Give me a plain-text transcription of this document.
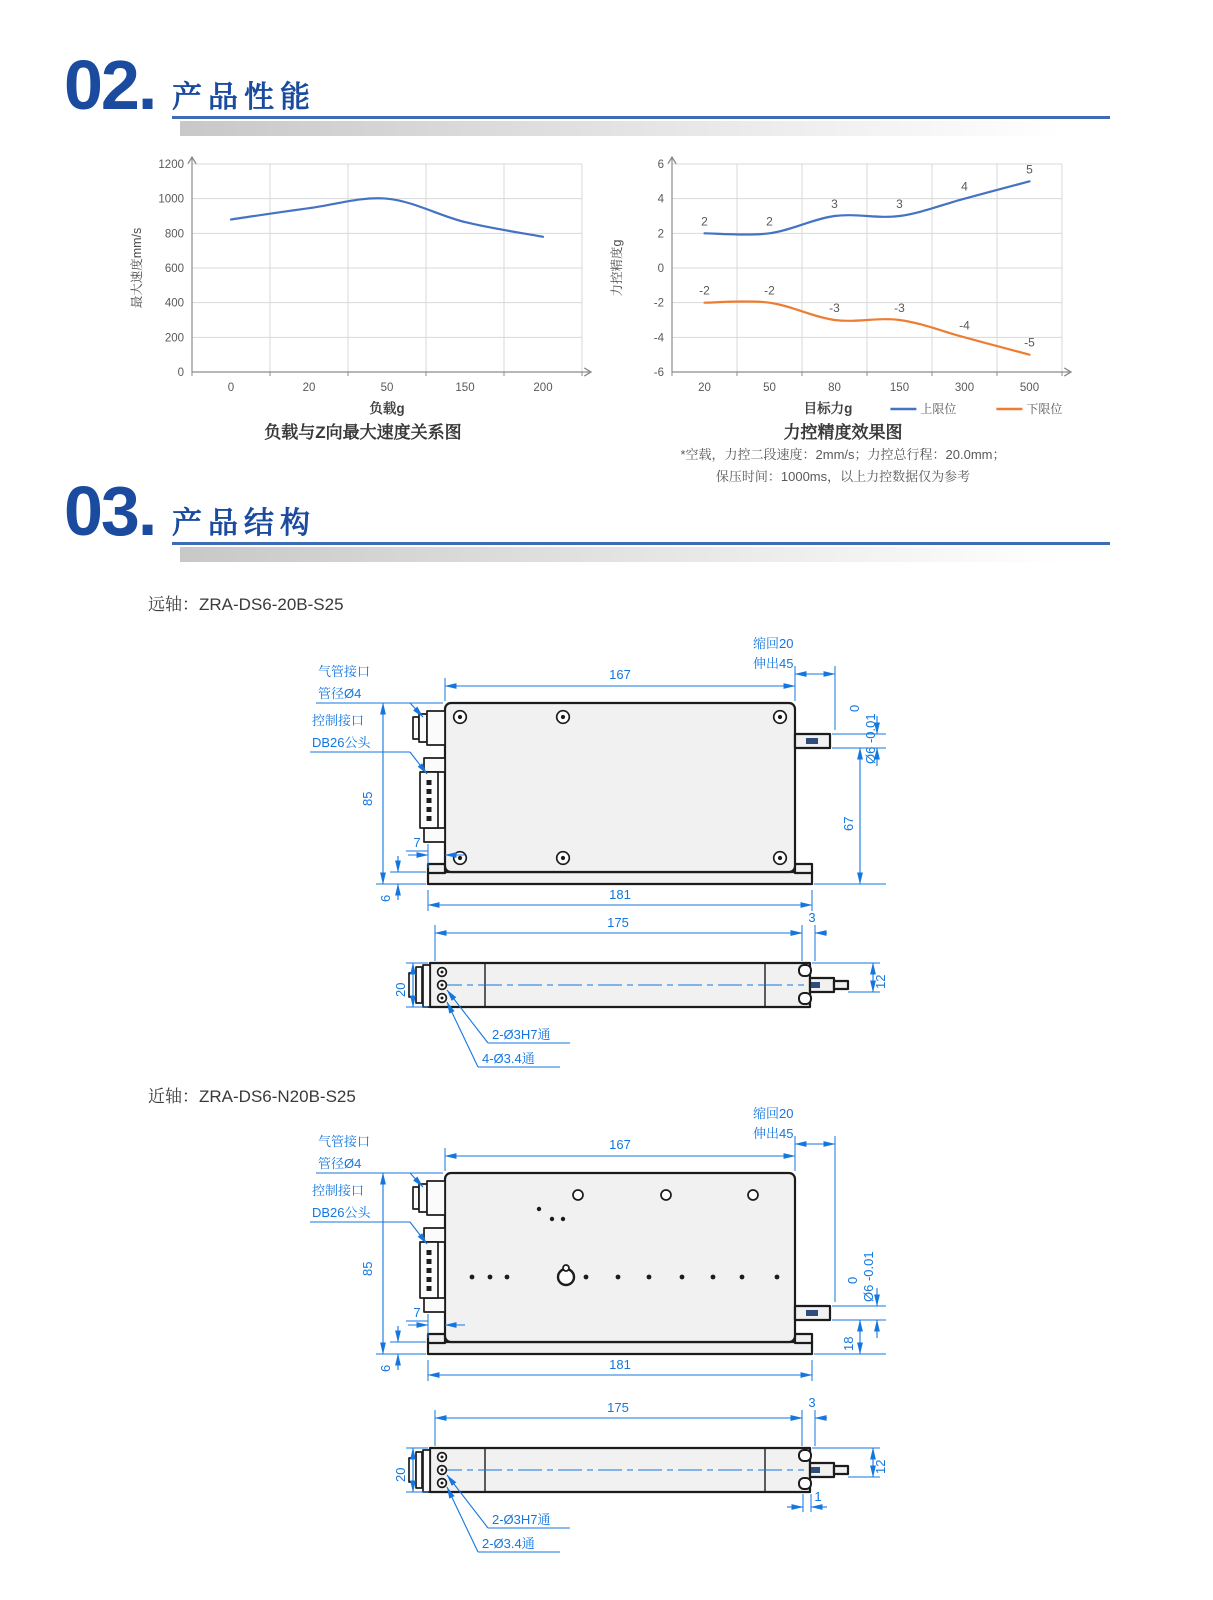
02. 产品性能
0
200
400
600
800
1000
1200
0	20	50	150	200
最大速度mm/s
负载g
-6
-4
-2
0
2
4
6
20	50	80	150	300	500
力控精度g
2	2
3	3
4
5
-2	-2
-3	-3
-4
-5
目标力g	上限位	下限位
负载与Z向最大速度关系图	力控精度效果图
*空载，力控二段速度：2mm/s；力控总行程：20.0mm；
保压时间：1000ms，以上力控数据仅为参考
03. 产品结构
远轴：ZRA-DS6-20B-S25
缩回20
伸出45
167
气管接口
管径Ø4
控制接口
DB26公头
85
6
7
181
0
Ø6 -0.01
67
175	3
12
20
2-Ø3H7通
4-Ø3.4通
近轴：ZRA-DS6-N20B-S25
缩回20
伸出45
167
气管接口
管径Ø4
控制接口
DB26公头
85
6
7
181
0 Ø6 -0.01
18
175	3
12
20
2-Ø3H7通
2-Ø3.4通
1
